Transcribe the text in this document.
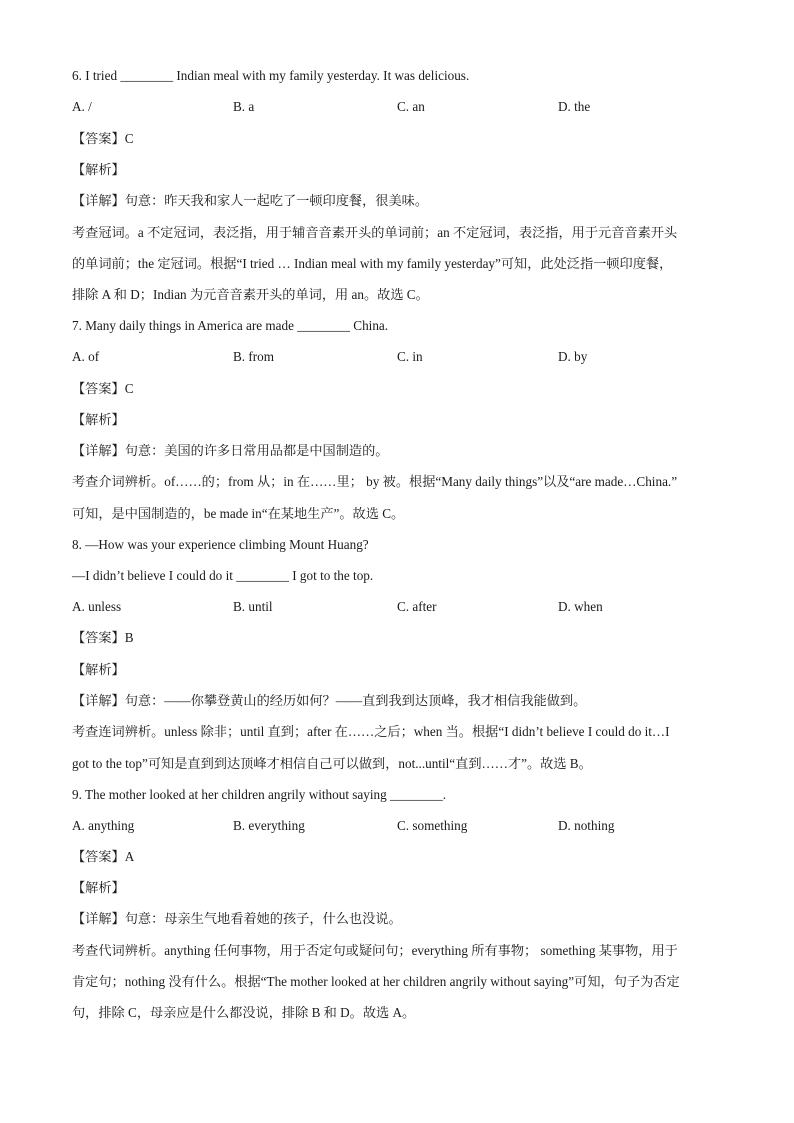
6. I tried ________ Indian meal with my family yesterday. It was delicious.
A. /	B. a	C. an	D. the
【答案】C
【解析】
【详解】句意：昨天我和家人一起吃了一顿印度餐，很美味。
考查冠词。a 不定冠词，表泛指，用于辅音音素开头的单词前；an 不定冠词，表泛指，用于元音音素开头
的单词前；the 定冠词。根据“I tried … Indian meal with my family yesterday”可知，此处泛指一顿印度餐，
排除 A 和 D；Indian 为元音音素开头的单词，用 an。故选 C。
7. Many daily things in America are made ________ China.
A. of	B. from	C. in	D. by
【答案】C
【解析】
【详解】句意：美国的许多日常用品都是中国制造的。
考查介词辨析。of……的；from 从；in 在……里； by 被。根据“Many daily things”以及“are made…China.”
可知，是中国制造的，be made in“在某地生产”。故选 C。
8. —How was your experience climbing Mount Huang?
—I didn’t believe I could do it ________ I got to the top.
A. unless	B. until	C. after	D. when
【答案】B
【解析】
【详解】句意：——你攀登黄山的经历如何？——直到我到达顶峰，我才相信我能做到。
考查连词辨析。unless 除非；until 直到；after 在……之后；when 当。根据“I didn’t believe I could do it…I
got to the top”可知是直到到达顶峰才相信自己可以做到，not...until“直到……才”。故选 B。
9. The mother looked at her children angrily without saying ________.
A. anything	B. everything	C. something	D. nothing
【答案】A
【解析】
【详解】句意：母亲生气地看着她的孩子，什么也没说。
考查代词辨析。anything 任何事物，用于否定句或疑问句；everything 所有事物； something 某事物，用于
肯定句；nothing 没有什么。根据“The mother looked at her children angrily without saying”可知，句子为否定
句，排除 C，母亲应是什么都没说，排除 B 和 D。故选 A。
